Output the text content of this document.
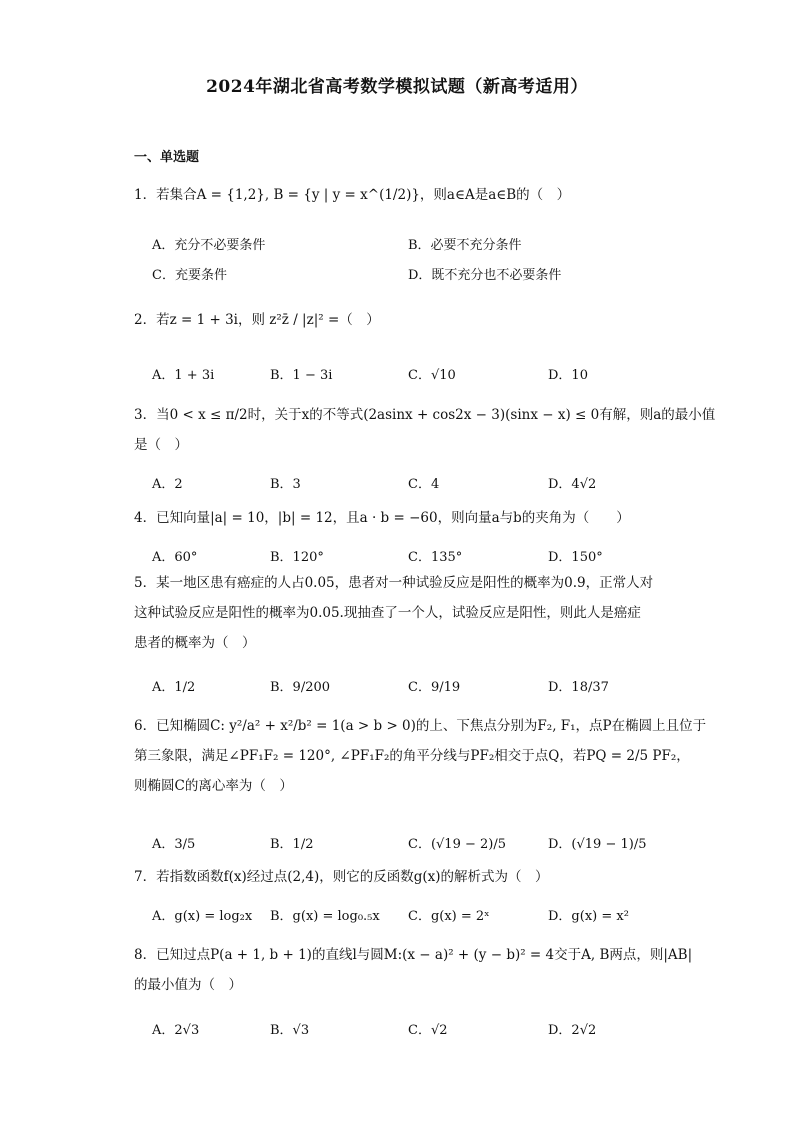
2024年湖北省高考数学模拟试题（新高考适用）
一、单选题
1．若集合A = {1,2}, B = {y | y = x^(1/2)}，则a∈A是a∈B的（　）
A．充分不必要条件	B．必要不充分条件
C．充要条件	D．既不充分也不必要条件
2．若z = 1 + 3i，则 z²z̄ / |z|² =（　）
A．1 + 3i	B．1 − 3i	C．√10	D．10
3．当0 < x ≤ π/2时，关于x的不等式(2asinx + cos2x − 3)(sinx − x) ≤ 0有解，则a的最小值
是（　）
A．2	B．3	C．4	D．4√2
4．已知向量|a| = 10，|b| = 12，且a · b = −60，则向量a与b的夹角为（　　）
A．60°	B．120°	C．135°	D．150°
5．某一地区患有癌症的人占0.05，患者对一种试验反应是阳性的概率为0.9，正常人对
这种试验反应是阳性的概率为0.05.现抽查了一个人，试验反应是阳性，则此人是癌症
患者的概率为（　）
A．1/2	B．9/200	C．9/19	D．18/37
6．已知椭圆C: y²/a² + x²/b² = 1(a > b > 0)的上、下焦点分别为F₂, F₁，点P在椭圆上且位于
第三象限，满足∠PF₁F₂ = 120°, ∠PF₁F₂的角平分线与PF₂相交于点Q，若PQ = 2/5 PF₂，
则椭圆C的离心率为（　）
A．3/5	B．1/2	C．(√19 − 2)/5	D．(√19 − 1)/5
7．若指数函数f(x)经过点(2,4)，则它的反函数g(x)的解析式为（　）
A．g(x) = log₂x B．g(x) = log₀.₅x C．g(x) = 2ˣ	D．g(x) = x²
8．已知过点P(a + 1, b + 1)的直线l与圆M:(x − a)² + (y − b)² = 4交于A, B两点，则|AB|
的最小值为（　）
A．2√3	B．√3	C．√2	D．2√2
